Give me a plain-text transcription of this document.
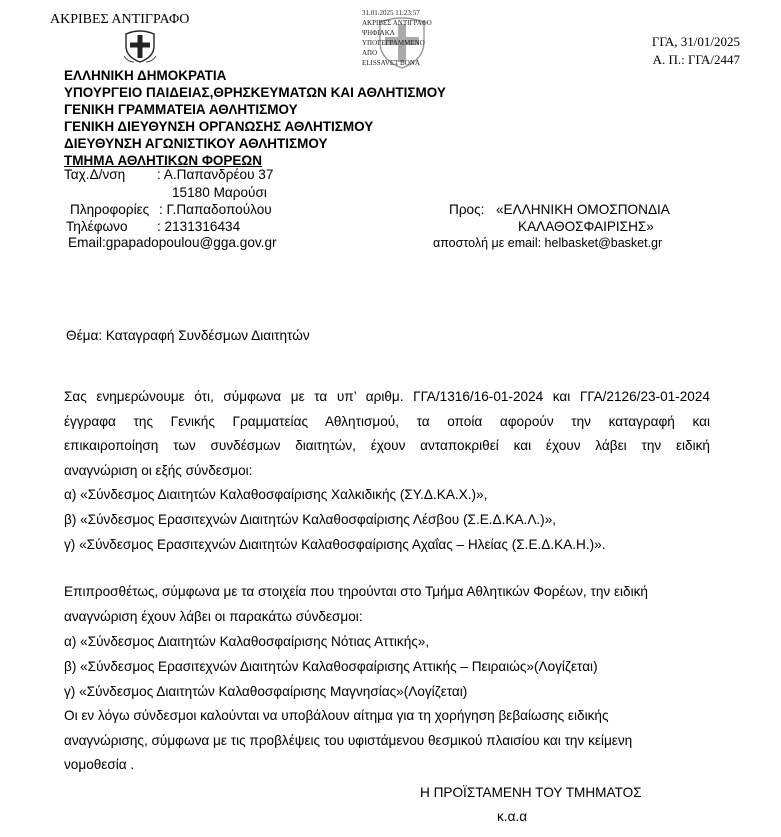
ΑΚΡΙΒΕΣ ΑΝΤΙΓΡΑΦΟ	31.01.2025 11:23:57
ΑΚΡΙΒΕΣ ΑΝΤΙΓΡΑΦΟ
ΨΗΦΙΑΚΑ
ΥΠΟΓΕΓΡΑΜΜΕΝΟ
ΑΠΟ
ELISSAVET BONA
ΓΓΑ, 31/01/2025
Α. Π.: ΓΓΑ/2447
ΕΛΛΗΝΙΚΗ ΔΗΜΟΚΡΑΤΙΑ
ΥΠΟΥΡΓΕΙΟ ΠΑΙΔΕΙΑΣ,ΘΡΗΣΚΕΥΜΑΤΩΝ ΚΑΙ ΑΘΛΗΤΙΣΜΟΥ
ΓΕΝΙΚΗ ΓΡΑΜΜΑΤΕΙΑ ΑΘΛΗΤΙΣΜΟΥ
ΓΕΝΙΚΗ ΔΙΕΥΘΥΝΣΗ ΟΡΓΑΝΩΣΗΣ ΑΘΛΗΤΙΣΜΟΥ
ΔΙΕΥΘΥΝΣΗ ΑΓΩΝΙΣΤΙΚΟΥ ΑΘΛΗΤΙΣΜΟΥ
ΤΜΗΜΑ ΑΘΛΗΤΙΚΩΝ ΦΟΡΕΩΝ
Ταχ.Δ/νση : Α.Παπανδρέου 37
15180 Μαρούσι
Πληροφορίες : Γ.Παπαδοπούλου
Τηλέφωνο : 2131316434
Email:gpapadopoulou@gga.gov.gr
Προς: «ΕΛΛΗΝΙΚΗ ΟΜΟΣΠΟΝΔΙΑ
ΚΑΛΑΘΟΣΦΑΙΡΙΣΗΣ»
αποστολή με email: helbasket@basket.gr
Θέμα: Καταγραφή Συνδέσμων Διαιτητών
Σας ενημερώνουμε ότι, σύμφωνα με τα υπ’ αριθμ. ΓΓΑ/1316/16-01-2024 και ΓΓΑ/2126/23-01-2024
έγγραφα της Γενικής Γραμματείας Αθλητισμού, τα οποία αφορούν την καταγραφή και
επικαιροποίηση των συνδέσμων διαιτητών, έχουν ανταποκριθεί και έχουν λάβει την ειδική
αναγνώριση οι εξής σύνδεσμοι:
α) «Σύνδεσμος Διαιτητών Καλαθοσφαίρισης Χαλκιδικής (ΣΥ.Δ.ΚΑ.Χ.)»,
β) «Σύνδεσμος Ερασιτεχνών Διαιτητών Καλαθοσφαίρισης Λέσβου (Σ.Ε.Δ.ΚΑ.Λ.)»,
γ) «Σύνδεσμος Ερασιτεχνών Διαιτητών Καλαθοσφαίρισης Αχαΐας – Ηλείας (Σ.Ε.Δ.ΚΑ.Η.)».
Επιπροσθέτως, σύμφωνα με τα στοιχεία που τηρούνται στο Τμήμα Αθλητικών Φορέων, την ειδική
αναγνώριση έχουν λάβει οι παρακάτω σύνδεσμοι:
α) «Σύνδεσμος Διαιτητών Καλαθοσφαίρισης Νότιας Αττικής»,
β) «Σύνδεσμος Ερασιτεχνών Διαιτητών Καλαθοσφαίρισης Αττικής – Πειραιώς»(Λογίζεται)
γ) «Σύνδεσμος Διαιτητών Καλαθοσφαίρισης Μαγνησίας»(Λογίζεται)
Οι εν λόγω σύνδεσμοι καλούνται να υποβάλουν αίτημα για τη χορήγηση βεβαίωσης ειδικής
αναγνώρισης, σύμφωνα με τις προβλέψεις του υφιστάμενου θεσμικού πλαισίου και την κείμενη
νομοθεσία .
Η ΠΡΟΪΣΤΑΜΕΝΗ ΤΟΥ ΤΜΗΜΑΤΟΣ
κ.α.α
